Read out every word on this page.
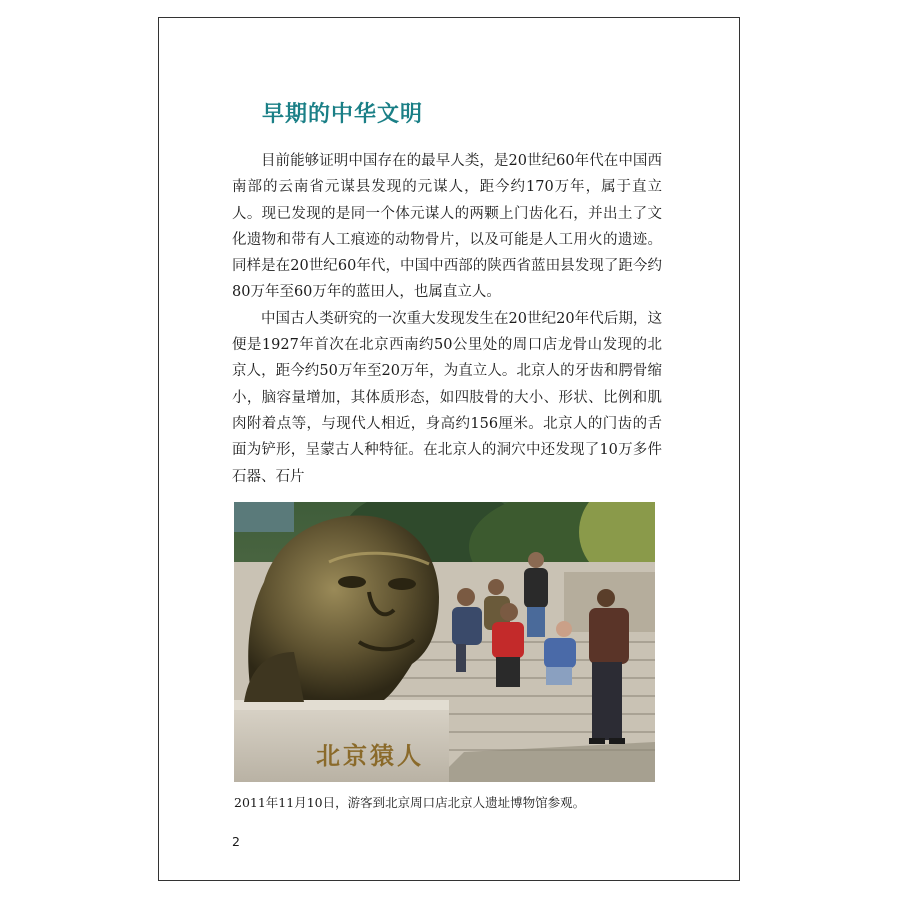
早期的中华文明

目前能够证明中国存在的最早人类，是20世纪60年代在中国西南部的云南省元谋县发现的元谋人，距今约170万年，属于直立人。现已发现的是同一个体元谋人的两颗上门齿化石，并出土了文化遗物和带有人工痕迹的动物骨片，以及可能是人工用火的遗迹。同样是在20世纪60年代，中国中西部的陕西省蓝田县发现了距今约80万年至60万年的蓝田人，也属直立人。

中国古人类研究的一次重大发现发生在20世纪20年代后期，这便是1927年首次在北京西南约50公里处的周口店龙骨山发现的北京人，距今约50万年至20万年，为直立人。北京人的牙齿和腭骨缩小，脑容量增加，其体质形态，如四肢骨的大小、形状、比例和肌肉附着点等，与现代人相近，身高约156厘米。北京人的门齿的舌面为铲形，呈蒙古人种特征。在北京人的洞穴中还发现了10万多件石器、石片

北京猿人
2011年11月10日，游客到北京周口店北京人遗址博物馆参观。
2
